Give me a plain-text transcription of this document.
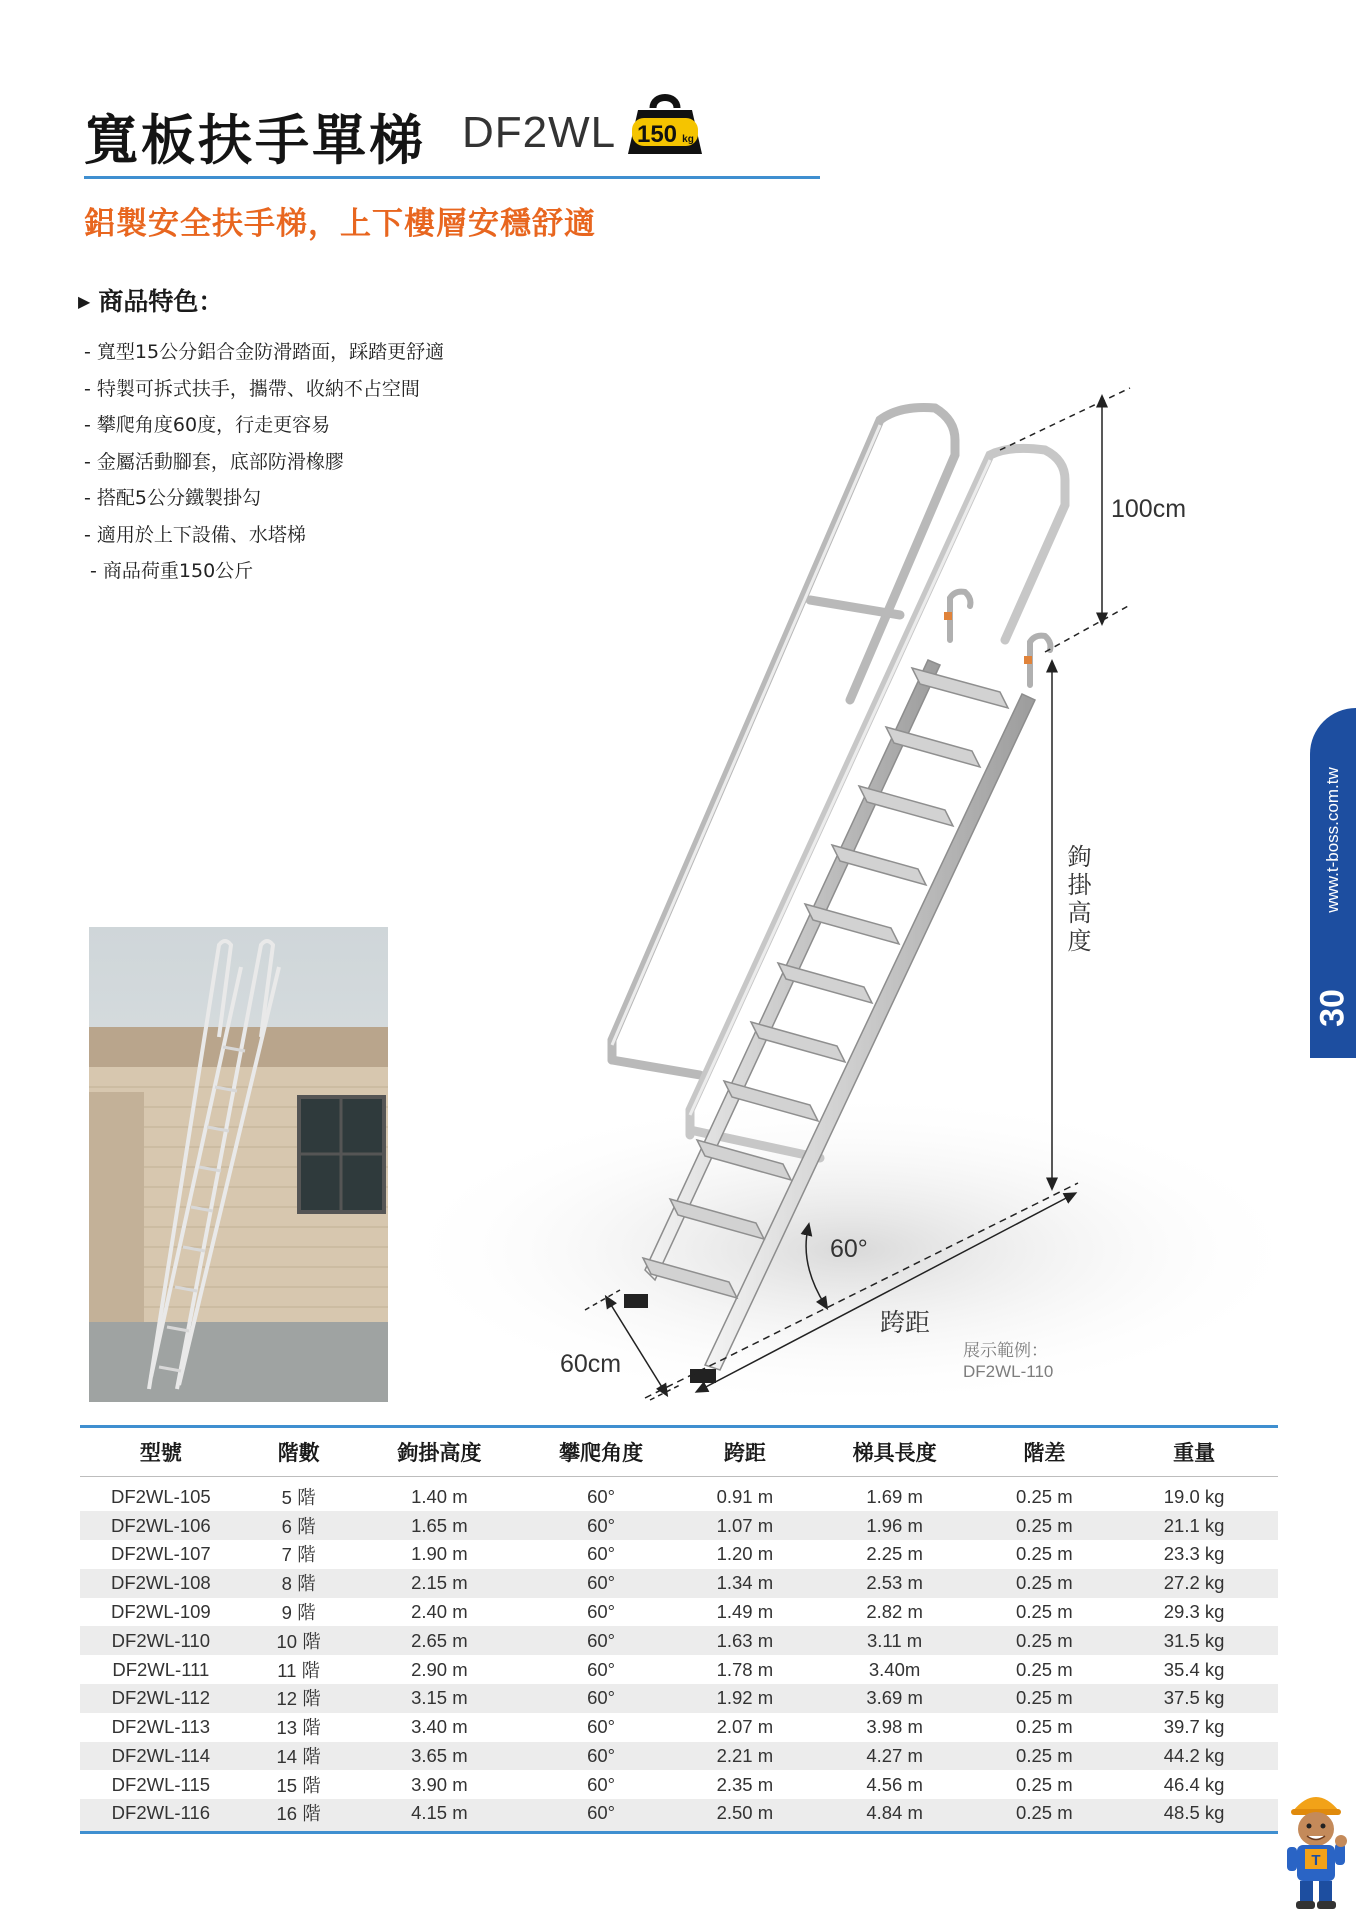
寬板扶手單梯 DF2WL 150 kg
鋁製安全扶手梯，上下樓層安穩舒適
▶ 商品特色：
- 寬型15公分鋁合金防滑踏面，踩踏更舒適
- 特製可拆式扶手，攜帶、收納不占空間
- 攀爬角度60度，行走更容易
- 金屬活動腳套，底部防滑橡膠
- 搭配5公分鐵製掛勾
- 適用於上下設備、水塔梯
- 商品荷重150公斤
100cm
鉤掛高度
跨距
60°
60cm
www.t-boss.com.tw
30
展示範例：
DF2WL-110
型號	階數	鉤掛高度	攀爬角度	跨距	梯具長度	階差	重量
DF2WL-105	5 階	1.40 m	60°	0.91 m	1.69 m	0.25 m	19.0 kg
DF2WL-106	6 階	1.65 m	60°	1.07 m	1.96 m	0.25 m	21.1 kg
DF2WL-107	7 階	1.90 m	60°	1.20 m	2.25 m	0.25 m	23.3 kg
DF2WL-108	8 階	2.15 m	60°	1.34 m	2.53 m	0.25 m	27.2 kg
DF2WL-109	9 階	2.40 m	60°	1.49 m	2.82 m	0.25 m	29.3 kg
DF2WL-110	10 階	2.65 m	60°	1.63 m	3.11 m	0.25 m	31.5 kg
DF2WL-111	11 階	2.90 m	60°	1.78 m	3.40m	0.25 m	35.4 kg
DF2WL-112	12 階	3.15 m	60°	1.92 m	3.69 m	0.25 m	37.5 kg
DF2WL-113	13 階	3.40 m	60°	2.07 m	3.98 m	0.25 m	39.7 kg
DF2WL-114	14 階	3.65 m	60°	2.21 m	4.27 m	0.25 m	44.2 kg
DF2WL-115	15 階	3.90 m	60°	2.35 m	4.56 m	0.25 m	46.4 kg
DF2WL-116	16 階	4.15 m	60°	2.50 m	4.84 m	0.25 m	48.5 kg
T
